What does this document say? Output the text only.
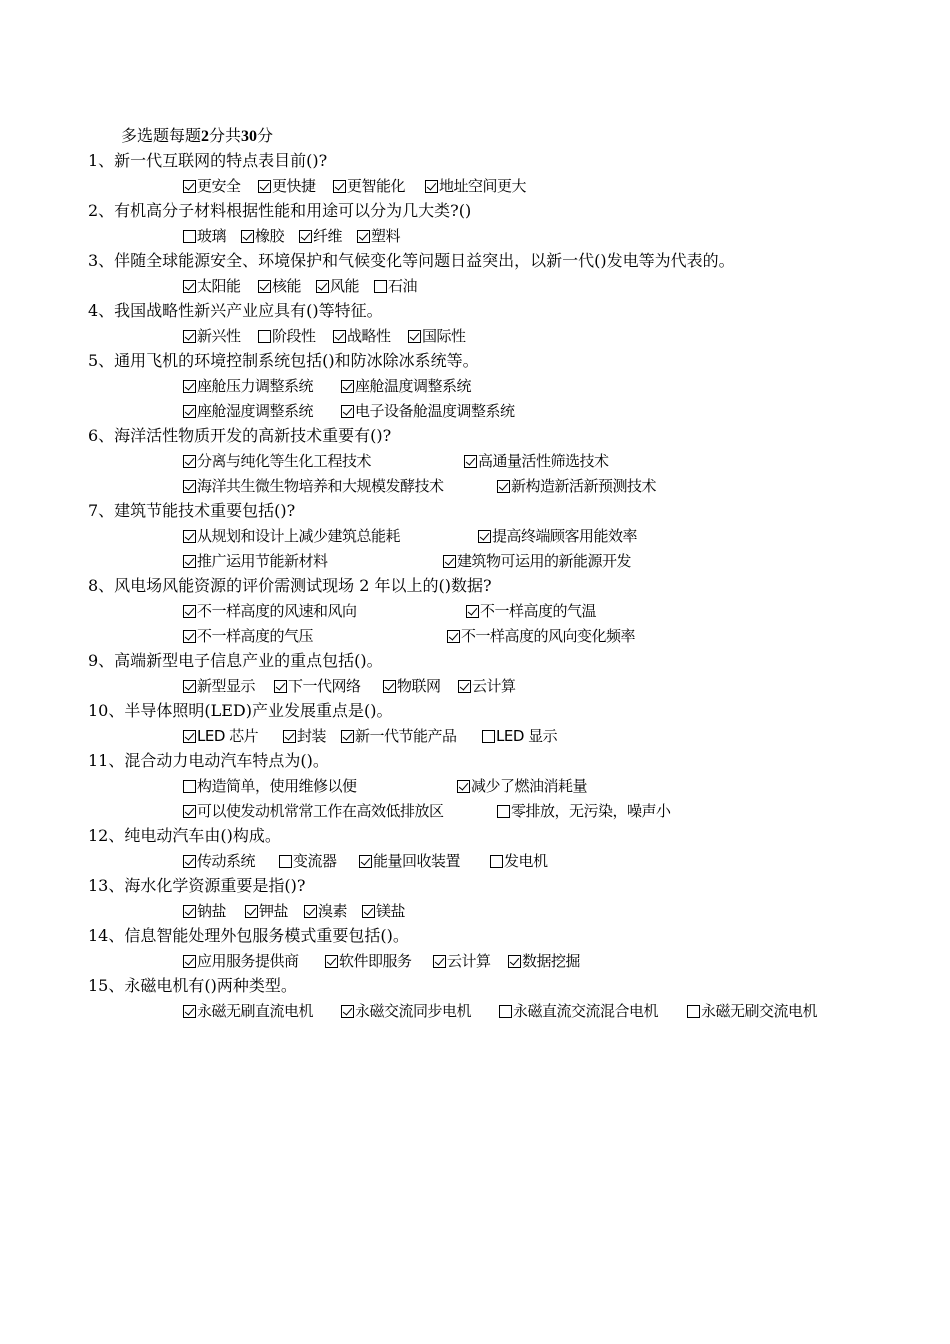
多选题每题2分共30分
1、新一代互联网的特点表目前()?
更安全 更快捷 更智能化 地址空间更大
2、有机高分子材料根据性能和用途可以分为几大类?()
玻璃 橡胶 纤维 塑料
3、伴随全球能源安全、环境保护和气候变化等问题日益突出，以新一代()发电等为代表的。
太阳能 核能 风能 石油
4、我国战略性新兴产业应具有()等特征。
新兴性 阶段性 战略性 国际性
5、通用飞机的环境控制系统包括()和防冰除冰系统等。
座舱压力调整系统	座舱温度调整系统
座舱湿度调整系统	电子设备舱温度调整系统
6、海洋活性物质开发的高新技术重要有()?
分离与纯化等生化工程技术	高通量活性筛选技术
海洋共生微生物培养和大规模发酵技术	新构造新活新预测技术
7、建筑节能技术重要包括()?
从规划和设计上减少建筑总能耗	提高终端顾客用能效率
推广运用节能新材料	建筑物可运用的新能源开发
8、风电场风能资源的评价需测试现场 2 年以上的()数据?
不一样高度的风速和风向	不一样高度的气温
不一样高度的气压	不一样高度的风向变化频率
9、高端新型电子信息产业的重点包括()。
新型显示 下一代网络 物联网 云计算
10、半导体照明(LED)产业发展重点是()。
LED 芯片	封装 新一代节能产品	LED 显示
11、混合动力电动汽车特点为()。
构造简单，使用维修以便	减少了燃油消耗量
可以使发动机常常工作在高效低排放区	零排放，无污染，噪声小
12、纯电动汽车由()构成。
传动系统	变流器 能量回收装置	发电机
13、海水化学资源重要是指()?
钠盐 钾盐 溴素 镁盐
14、信息智能处理外包服务模式重要包括()。
应用服务提供商	软件即服务 云计算 数据挖掘
15、永磁电机有()两种类型。
永磁无刷直流电机	永磁交流同步电机	永磁直流交流混合电机	永磁无刷交流电机
